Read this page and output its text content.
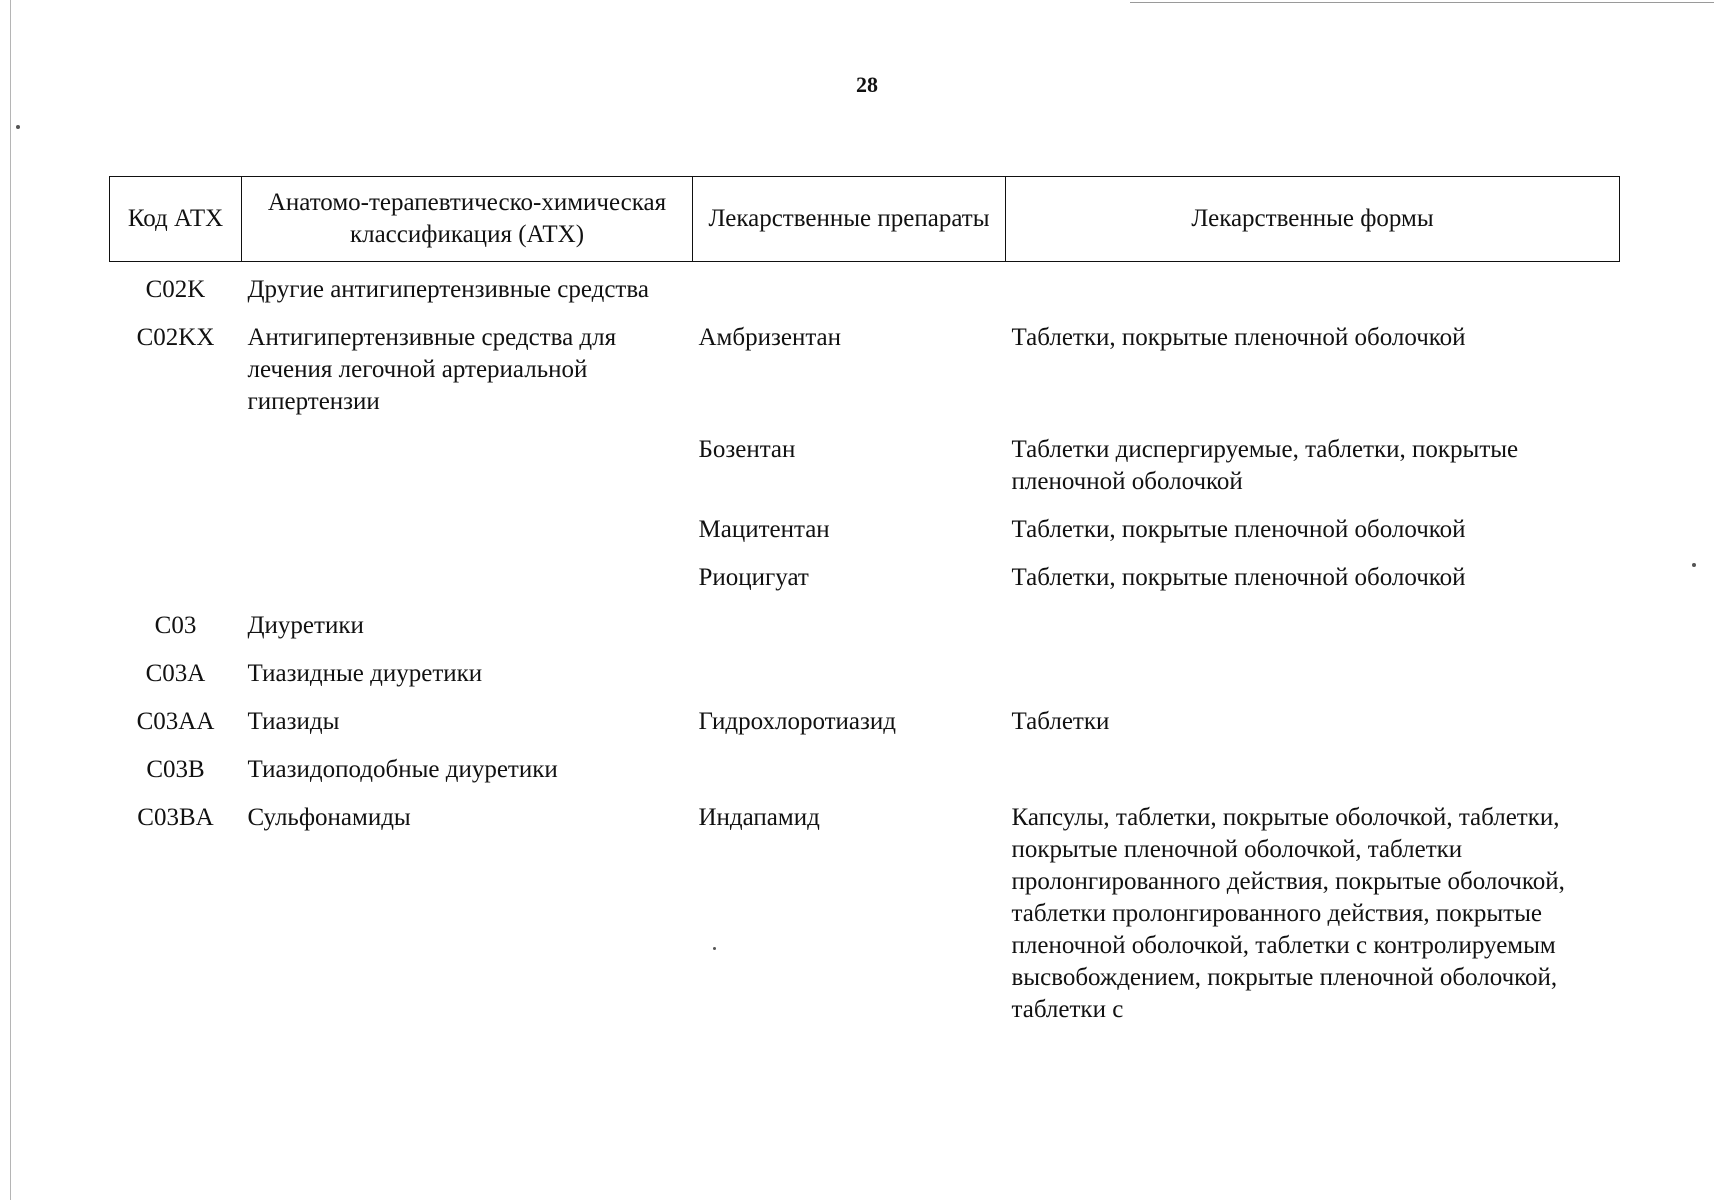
28
Код АТХ	Анатомо-терапевтическо-химическая классификация (АТХ)	Лекарственные препараты	Лекарственные формы
C02K	Другие антигипертензивные средства		
C02KX	Антигипертензивные средства для лечения легочной артериальной гипертензии	Амбризентан	Таблетки, покрытые пленочной оболочкой
		Бозентан	Таблетки диспергируемые, таблетки, покрытые пленочной оболочкой
		Мацитентан	Таблетки, покрытые пленочной оболочкой
		Риоцигуат	Таблетки, покрытые пленочной оболочкой
C03	Диуретики		
C03A	Тиазидные диуретики		
C03AA	Тиазиды	Гидрохлоротиазид	Таблетки
C03B	Тиазидоподобные диуретики		
C03BA	Сульфонамиды	Индапамид	Капсулы, таблетки, покрытые оболочкой, таблетки, покрытые пленочной оболочкой, таблетки пролонгированного действия, покрытые оболочкой, таблетки пролонгированного действия, покрытые пленочной оболочкой, таблетки с контролируемым высвобождением, покрытые пленочной оболочкой, таблетки с
